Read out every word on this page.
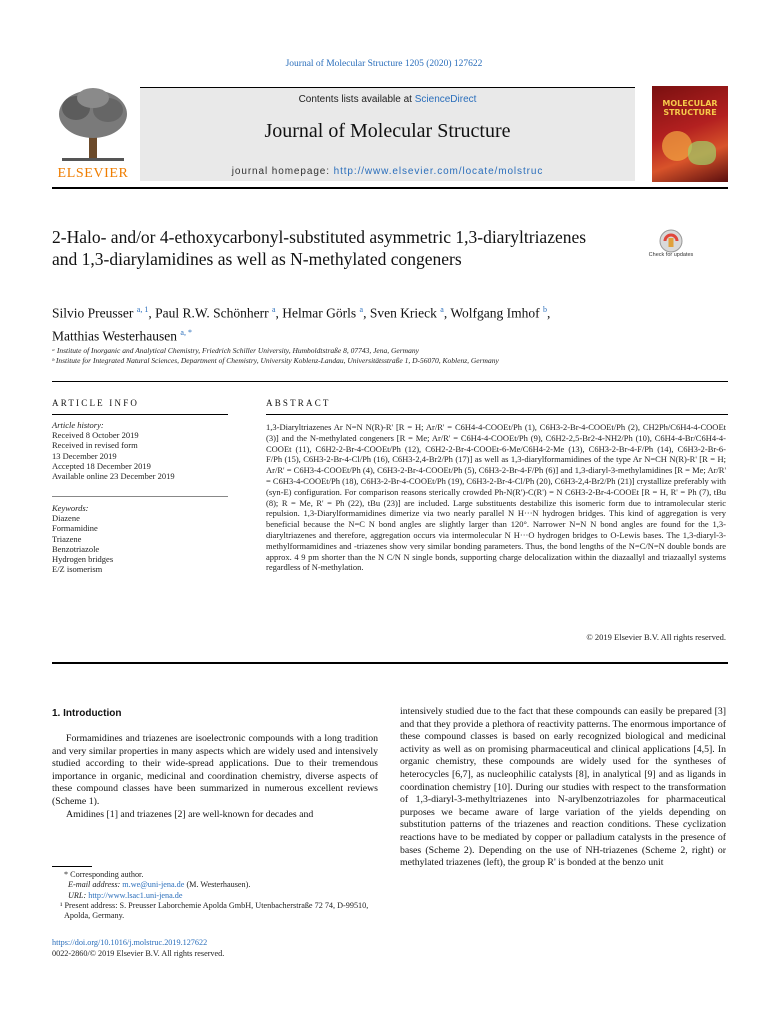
Journal of Molecular Structure 1205 (2020) 127622
ELSEVIER
Contents lists available at ScienceDirect
Journal of Molecular Structure
journal homepage: http://www.elsevier.com/locate/molstruc
MOLECULAR STRUCTURE
2-Halo- and/or 4-ethoxycarbonyl-substituted asymmetric 1,3-diaryltriazenes and 1,3-diarylamidines as well as N-methylated congeners	Check for updates
Silvio Preusser $^{a, 1}$, Paul R.W. Schönherr $^a$, Helmar Görls $^a$, Sven Krieck $^a$, Wolfgang Imhof $^b$,
Matthias Westerhausen $^{a, *}$
ᵃ Institute of Inorganic and Analytical Chemistry, Friedrich Schiller University, Humboldtstraße 8, 07743, Jena, Germany
ᵇ Institute for Integrated Natural Sciences, Department of Chemistry, University Koblenz-Landau, Universitätsstraße 1, D-56070, Koblenz, Germany
ARTICLE INFO
Article history:
Received 8 October 2019
Received in revised form
13 December 2019
Accepted 18 December 2019
Available online 23 December 2019
Keywords:
Diazene
Formamidine
Triazene
Benzotriazole
Hydrogen bridges
E/Z isomerism
ABSTRACT
1,3-Diaryltriazenes Ar N=N N(R)-R' [R = H; Ar/R' = C6H4-4-COOEt/Ph (1), C6H3-2-Br-4-COOEt/Ph (2), CH2Ph/C6H4-4-COOEt (3)] and the N-methylated congeners [R = Me; Ar/R' = C6H4-4-COOEt/Ph (9), C6H2-2,5-Br2-4-NH2/Ph (10), C6H4-4-Br/C6H4-4-COOEt (11), C6H2-2-Br-4-COOEt/Ph (12), C6H2-2-Br-4-COOEt-6-Me/C6H4-2-Me (13), C6H3-2-Br-4-F/Ph (14), C6H3-2-Br-6-F/Ph (15), C6H3-2-Br-4-Cl/Ph (16), C6H3-2,4-Br2/Ph (17)] as well as 1,3-diarylformamidines of the type Ar N=CH N(R)-R' [R = H; Ar/R' = C6H3-4-COOEt/Ph (4), C6H3-2-Br-4-COOEt/Ph (5), C6H3-2-Br-4-F/Ph (6)] and 1,3-diaryl-3-methylamidines [R = Me; Ar/R' = C6H3-4-COOEt/Ph (18), C6H3-2-Br-4-COOEt/Ph (19), C6H3-2-Br-4-Cl/Ph (20), C6H3-2,4-Br2/Ph (21)] crystallize preferably with (syn-E) configuration. For comparison reasons sterically crowded Ph-N(R')-C(R') = N C6H3-2-Br-4-COOEt [R = H, R' = Ph (7), tBu (8); R = Me, R' = Ph (22), tBu (23)] are included. Large substituents destabilize this isomeric form due to intramolecular steric repulsion. 1,3-Diarylformamidines dimerize via two nearly parallel N H···N hydrogen bridges. This kind of aggregation is very beneficial because the N=C N bond angles are slightly larger than 120°. Narrower N=N N bond angles are found for the 1,3-diaryltriazenes and therefore, aggregation occurs via intermolecular N H···O hydrogen bridges to O-Lewis bases. The 1,3-diaryl-3-methylformamidines and -triazenes show very similar bonding parameters. Thus, the bond lengths of the N=C/N=N double bonds are approx. 4 9 pm shorter than the N C/N N single bonds, supporting charge delocalization within the diazaallyl and triazaallyl systems regardless of N-methylation.
© 2019 Elsevier B.V. All rights reserved.
1. Introduction

Formamidines and triazenes are isoelectronic compounds with a long tradition and very similar properties in many aspects which are widely used and intensively studied according to their wide-spread applications. Due to their tremendous importance in organic, medicinal and coordination chemistry, diverse aspects of these compound classes have been summarized in numerous excellent reviews (Scheme 1).

Amidines [1] and triazenes [2] are well-known for decades and

intensively studied due to the fact that these compounds can easily be prepared [3] and that they provide a plethora of reactivity patterns. The enormous importance of these compound classes is based on early recognized biological and medicinal activity as well as on promising pharmaceutical and clinical applications [4,5]. In organic chemistry, these compounds are widely used for the syntheses of heterocycles [6,7], as nucleophilic catalysts [8], in analytical [9] and as ligands in coordination chemistry [10]. During our studies with respect to the transformation of 1,3-diaryl-3-methyltriazenes into N-arylbenzotriazoles for pharmaceutical purposes we became aware of large variation of the yields depending on substitution patterns of the triazenes and reaction conditions. These cyclization reactions have to be mediated by copper or palladium catalysts in the presence of bases (Scheme 2). Depending on the use of NH-triazenes (Scheme 2, right) or methylated triazenes (left), the group R' is bonded at the benzo unit

* Corresponding author.
E-mail address: m.we@uni-jena.de (M. Westerhausen).
URL: http://www.lsac1.uni-jena.de
¹ Present address: S. Preusser Laborchemie Apolda GmbH, Utenbacherstraße 72 74, D-99510, Apolda, Germany.
https://doi.org/10.1016/j.molstruc.2019.127622
0022-2860/© 2019 Elsevier B.V. All rights reserved.
